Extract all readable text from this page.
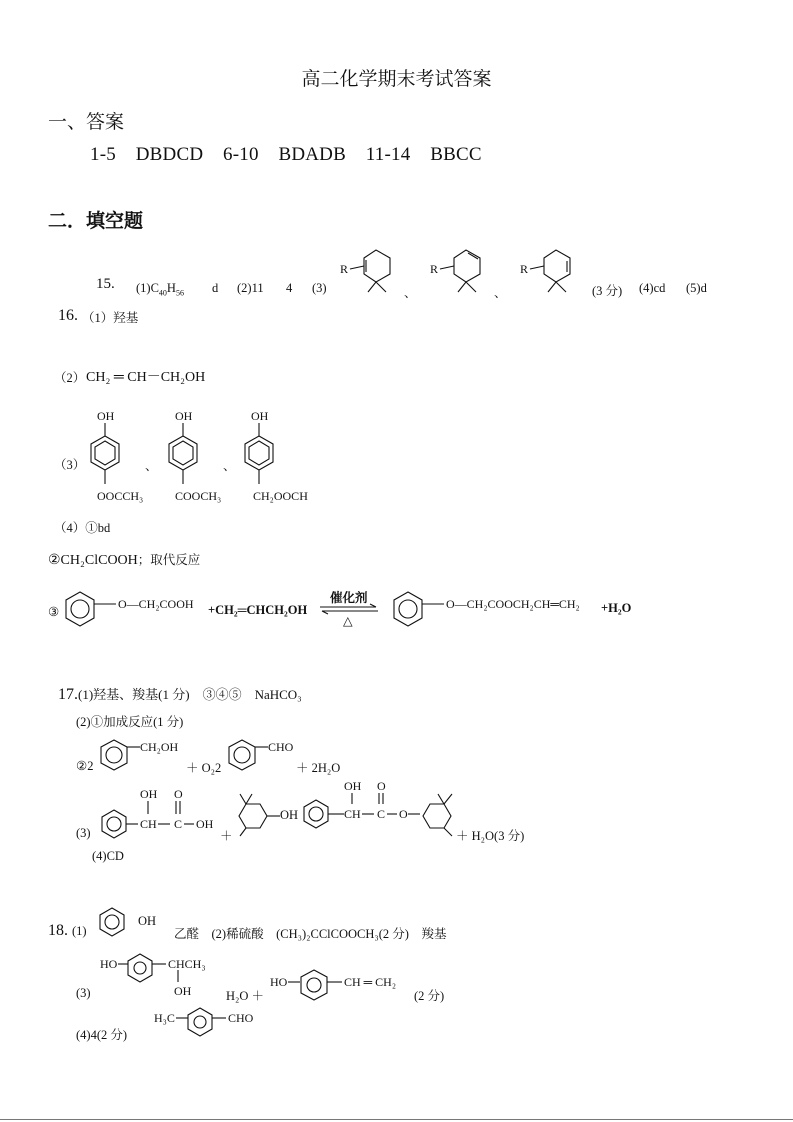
高二化学期末考试答案
一、答案
1-5    DBDCD    6-10    BDADB    11-14    BBCC
二．填空题
15. $(1)C_{40}H_{56}$ d (2)11 4 (3)
R
、
R
、
R
(3 分) (4)cd (5)d
16. （1）羟基
（2） CH₂ ═ CH－CH₂OH
（3）
OH
OOCCH₃
、
OH
COOCH₃
、
OH
CH₂OOCH
（4）①bd
②CH₂ClCOOH；取代反应
③
O—CH₂COOH +CH₂═CHCH₂OH
催化剂
△
O—CH₂COOCH₂CH═CH₂ +H₂O
17.(1)羟基、羧基(1 分)    ③④⑤    NaHCO₃
(2)①加成反应(1 分)
②2
CH₂OH
＋ O₂2
CHO
＋ 2H₂O
(3)
OH
CH
O
C OH
＋
OH
OH
CH
O
C O
＋ H₂O(3 分)
(4)CD
18. (1)
OH
乙醛    (2)稀硫酸    (CH₃)₂CClCOOCH₃(2 分)    羧基
(3)
HO	CHCH₃
OH	H₂O ＋
HO	CH ═ CH₂
(2 分)
(4)4(2 分)
H₃C	CHO
